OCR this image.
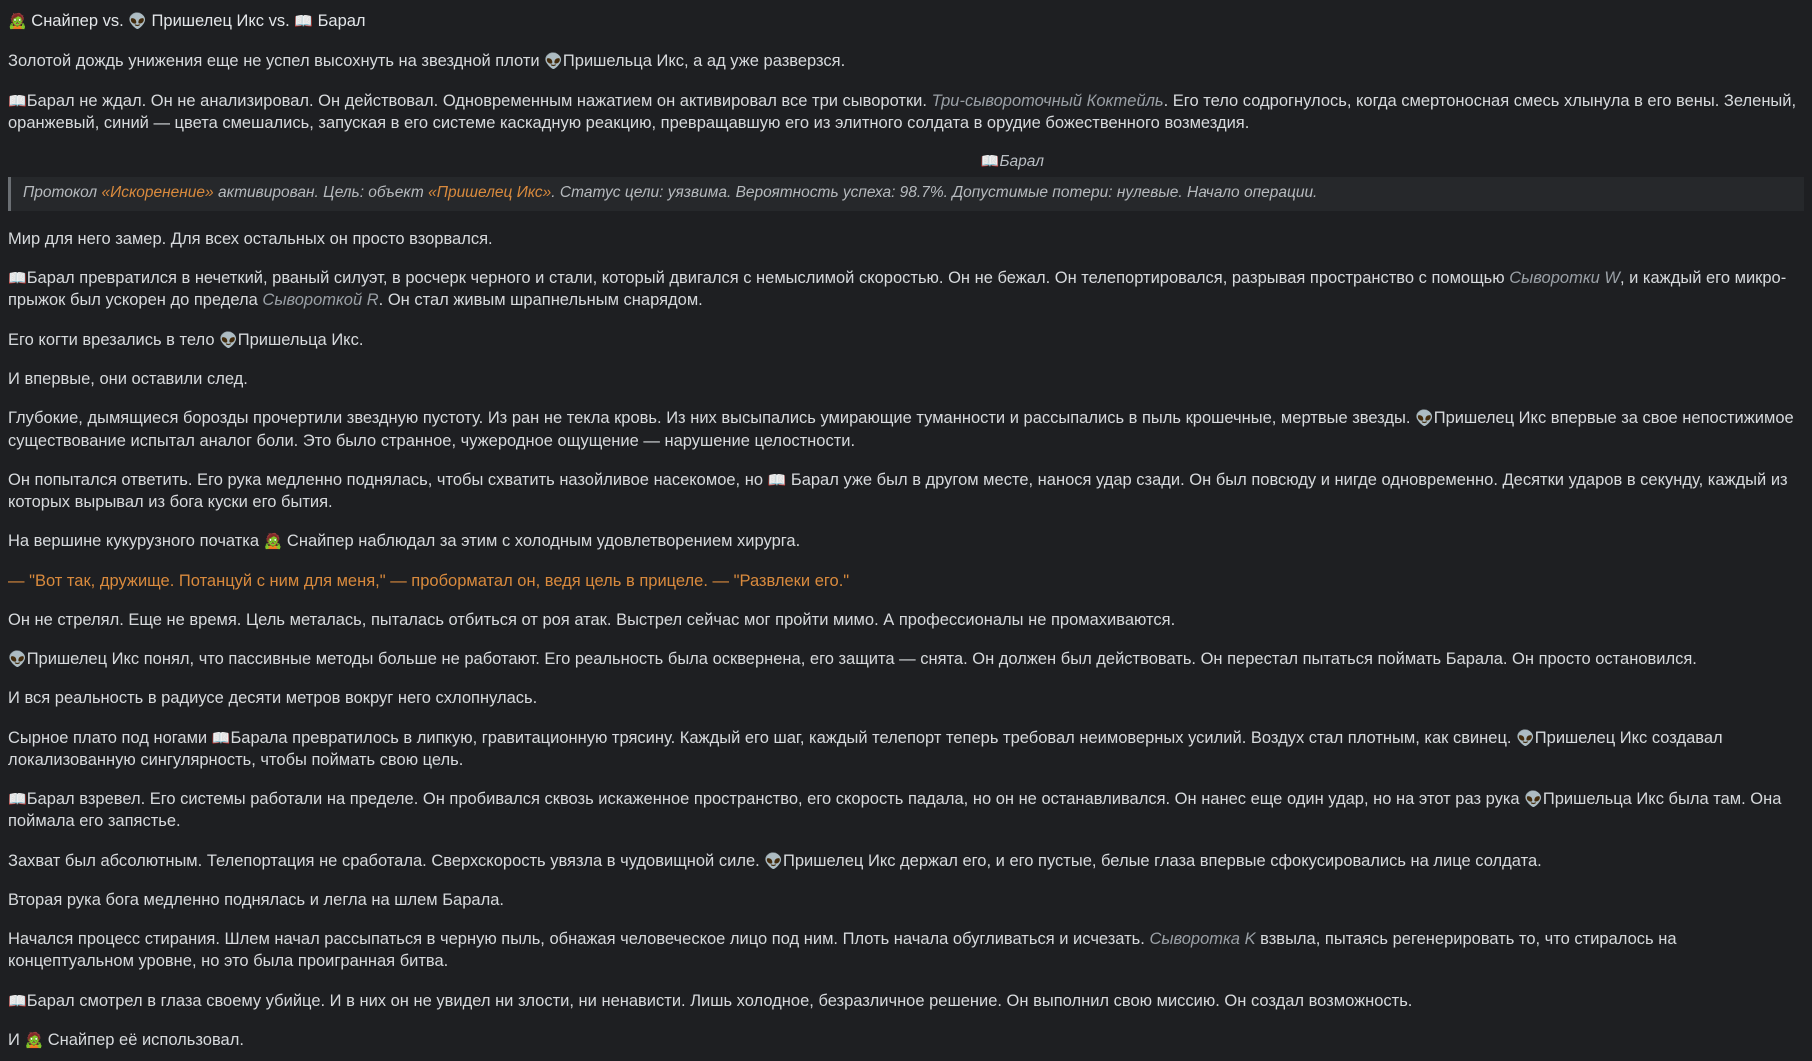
🧟 Снайпер vs. 👽 Пришелец Икс vs. 📖 Барал

Золотой дождь унижения еще не успел высохнуть на звездной плоти 👽Пришельца Икс, а ад уже разверзся.

📖Барал не ждал. Он не анализировал. Он действовал. Одновременным нажатием он активировал все три сыворотки. Три-сывороточный Коктейль. Его тело содрогнулось, когда смертоносная смесь хлынула в его вены. Зеленый, оранжевый, синий — цвета смешались, запуская в его системе каскадную реакцию, превращавшую его из элитного солдата в орудие божественного возмездия.

📖Барал
Протокол «Искоренение» активирован. Цель: объект «Пришелец Икс». Статус цели: уязвима. Вероятность успеха: 98.7%. Допустимые потери: нулевые. Начало операции.

Мир для него замер. Для всех остальных он просто взорвался.

📖Барал превратился в нечеткий, рваный силуэт, в росчерк черного и стали, который двигался с немыслимой скоростью. Он не бежал. Он телепортировался, разрывая пространство с помощью Сыворотки W, и каждый его микро-прыжок был ускорен до предела Сывороткой R. Он стал живым шрапнельным снарядом.

Его когти врезались в тело 👽Пришельца Икс.

И впервые, они оставили след.

Глубокие, дымящиеся борозды прочертили звездную пустоту. Из ран не текла кровь. Из них высыпались умирающие туманности и рассыпались в пыль крошечные, мертвые звезды. 👽Пришелец Икс впервые за свое непостижимое существование испытал аналог боли. Это было странное, чужеродное ощущение — нарушение целостности.

Он попытался ответить. Его рука медленно поднялась, чтобы схватить назойливое насекомое, но 📖 Барал уже был в другом месте, нанося удар сзади. Он был повсюду и нигде одновременно. Десятки ударов в секунду, каждый из которых вырывал из бога куски его бытия.

На вершине кукурузного початка 🧟 Снайпер наблюдал за этим с холодным удовлетворением хирурга.

— "Вот так, дружище. Потанцуй с ним для меня," — проборматал он, ведя цель в прицеле. — "Развлеки его."

Он не стрелял. Еще не время. Цель металась, пыталась отбиться от роя атак. Выстрел сейчас мог пройти мимо. А профессионалы не промахиваются.

👽Пришелец Икс понял, что пассивные методы больше не работают. Его реальность была осквернена, его защита — снята. Он должен был действовать. Он перестал пытаться поймать Барала. Он просто остановился.

И вся реальность в радиусе десяти метров вокруг него схлопнулась.

Сырное плато под ногами 📖Барала превратилось в липкую, гравитационную трясину. Каждый его шаг, каждый телепорт теперь требовал неимоверных усилий. Воздух стал плотным, как свинец. 👽Пришелец Икс создавал локализованную сингулярность, чтобы поймать свою цель.

📖Барал взревел. Его системы работали на пределе. Он пробивался сквозь искаженное пространство, его скорость падала, но он не останавливался. Он нанес еще один удар, но на этот раз рука 👽Пришельца Икс была там. Она поймала его запястье.

Захват был абсолютным. Телепортация не сработала. Сверхскорость увязла в чудовищной силе. 👽Пришелец Икс держал его, и его пустые, белые глаза впервые сфокусировались на лице солдата.

Вторая рука бога медленно поднялась и легла на шлем Барала.

Начался процесс стирания. Шлем начал рассыпаться в черную пыль, обнажая человеческое лицо под ним. Плоть начала обугливаться и исчезать. Сыворотка K взвыла, пытаясь регенерировать то, что стиралось на концептуальном уровне, но это была проигранная битва.

📖Барал смотрел в глаза своему убийце. И в них он не увидел ни злости, ни ненависти. Лишь холодное, безразличное решение. Он выполнил свою миссию. Он создал возможность.

И 🧟 Снайпер её использовал.
